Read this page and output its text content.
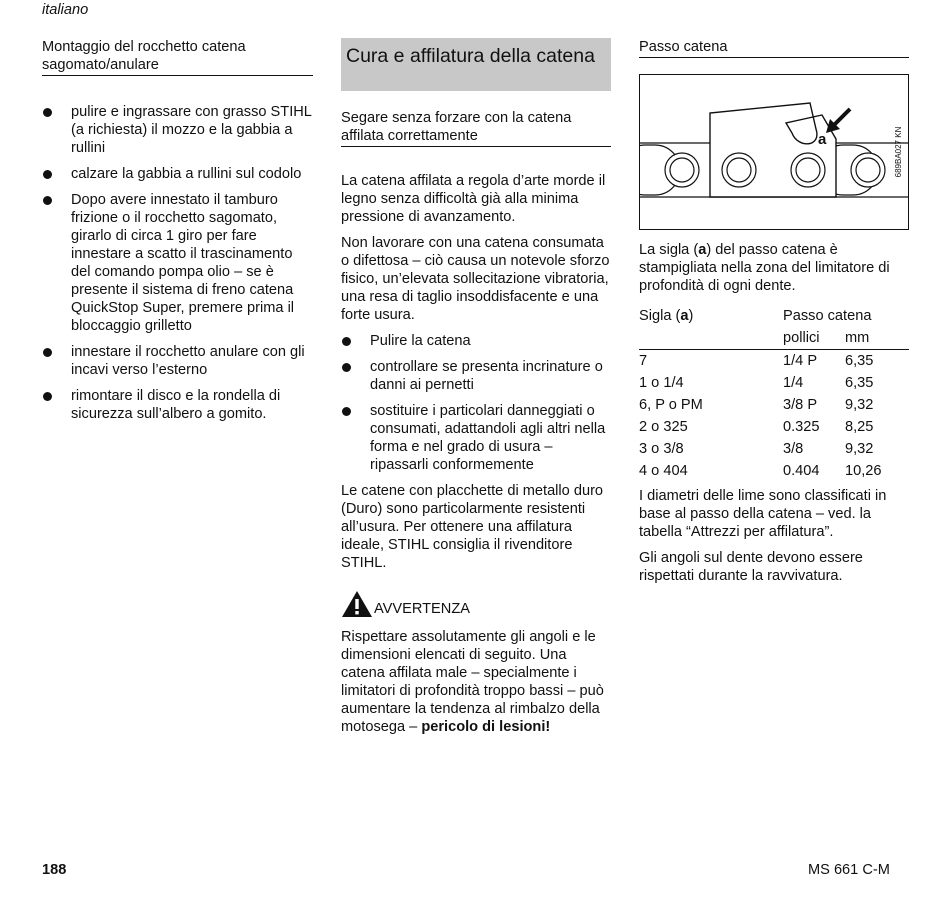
italiano

Montaggio del rocchetto catena sagomato/anulare

pulire e ingrassare con grasso STIHL (a richiesta) il mozzo e la gabbia a rullini
calzare la gabbia a rullini sul codolo
Dopo avere innestato il tamburo frizione o il rocchetto sagomato, girarlo di circa 1 giro per fare innestare a scatto il trascinamento del comando pompa olio – se è presente il sistema di freno catena QuickStop Super, premere prima il bloccaggio grilletto
innestare il rocchetto anulare con gli incavi verso l’esterno
rimontare il disco e la rondella di sicurezza sull’albero a gomito.
Cura e affilatura della catena

Segare senza forzare con la catena affilata correttamente

La catena affilata a regola d’arte morde il legno senza difficoltà già alla minima pressione di avanzamento.

Non lavorare con una catena consumata o difettosa – ciò causa un notevole sforzo fisico, un’elevata sollecitazione vibratoria, una resa di taglio insoddisfacente e una forte usura.

Pulire la catena
controllare se presenta incrinature o danni ai pernetti
sostituire i particolari danneggiati o consumati, adattandoli agli altri nella forma e nel grado di usura – ripassarli conformemente

Le catene con placchette di metallo duro (Duro) sono particolarmente resistenti all’usura. Per ottenere una affilatura ideale, STIHL consiglia il rivenditore STIHL.

AVVERTENZA

Rispettare assolutamente gli angoli e le dimensioni elencati di seguito. Una catena affilata male – specialmente i limitatori di profondità troppo bassi – può aumentare la tendenza al rimbalzo della motosega – pericolo di lesioni!

Passo catena

a	689BA027 KN

La sigla (a) del passo catena è stampigliata nella zona del limitatore di profondità di ogni dente.

Sigla (a)	Passo catena	
	pollici	mm
7	1/4 P	6,35
1 o 1/4	1/4	6,35
6, P o PM	3/8 P	9,32
2 o 325	0.325	8,25
3 o 3/8	3/8	9,32
4 o 404	0.404	10,26

I diametri delle lime sono classificati in base al passo della catena – ved. la tabella “Attrezzi per affilatura”.

Gli angoli sul dente devono essere rispettati durante la ravvivatura.

188	MS 661 C-M
